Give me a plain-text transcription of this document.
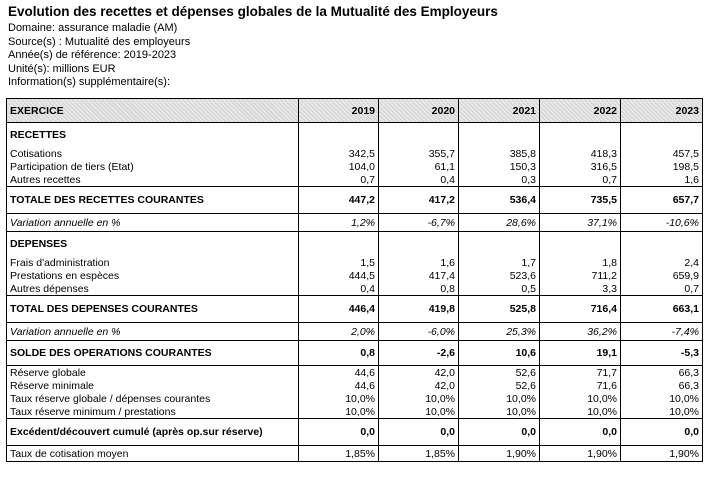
Evolution des recettes et dépenses globales de la Mutualité des Employeurs
Domaine: assurance maladie (AM)
Source(s) : Mutualité des employeurs
Année(s) de référence: 2019-2023
Unité(s): millions EUR
Information(s) supplémentaire(s):
EXERCICE	2019	2020	2021	2022	2023
RECETTES					
Cotisations	342,5	355,7	385,8	418,3	457,5
Participation de tiers (Etat)	104,0	61,1	150,3	316,5	198,5
Autres recettes	0,7	0,4	0,3	0,7	1,6
TOTALE DES RECETTES COURANTES	447,2	417,2	536,4	735,5	657,7
Variation annuelle en %	1,2%	-6,7%	28,6%	37,1%	-10,6%
DEPENSES					
Frais d'administration	1,5	1,6	1,7	1,8	2,4
Prestations en espèces	444,5	417,4	523,6	711,2	659,9
Autres dépenses	0,4	0,8	0,5	3,3	0,7
TOTAL DES DEPENSES COURANTES	446,4	419,8	525,8	716,4	663,1
Variation annuelle en %	2,0%	-6,0%	25,3%	36,2%	-7,4%
SOLDE DES OPERATIONS COURANTES	0,8	-2,6	10,6	19,1	-5,3
Réserve globale	44,6	42,0	52,6	71,7	66,3
Réserve minimale	44,6	42,0	52,6	71,6	66,3
Taux réserve globale / dépenses courantes	10,0%	10,0%	10,0%	10,0%	10,0%
Taux réserve minimum / prestations	10,0%	10,0%	10,0%	10,0%	10,0%
Excédent/découvert cumulé (après op.sur réserve)	0,0	0,0	0,0	0,0	0,0
Taux de cotisation moyen	1,85%	1,85%	1,90%	1,90%	1,90%
